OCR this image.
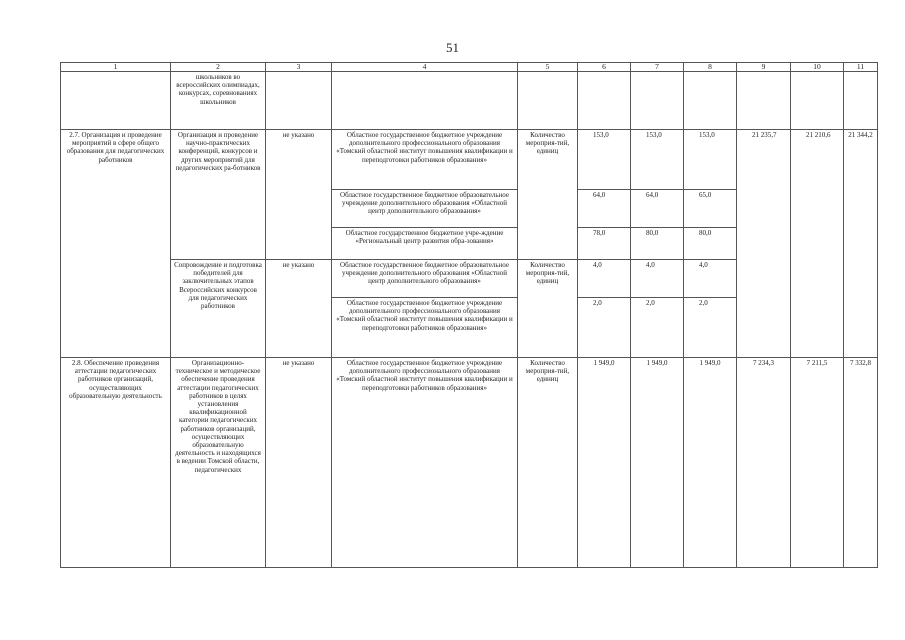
51
1	2	3	4	5	6	7	8	9	10	11
	школьников во всероссийских олимпиадах, конкурсах, соревнованиях школьников									
2.7. Организация и проведение мероприятий в сфере общего образования для педагогических работников	Организация и проведение научно-практических конференций, конкурсов и других мероприятий для педагогических ра-ботников	не указано	Областное государственное бюджетное учреждение дополнительного профессионального образования «Томский областной институт повышения квалификации и переподготовки работников образования»	Количество мероприя-тий, единиц	153,0	153,0	153,0	21 235,7	21 210,6	21 344,2
			Областное государственное бюджетное образовательное учреждение дополнительного образования «Областной центр дополнительного образования»		64,0	64,0	65,0			
			Областное государственное бюджетное учре-ждение «Региональный центр развития обра-зования»		78,0	80,0	80,0			
	Сопровождение и подготовка победителей для заключительных этапов Всероссийских конкурсов для педагогических работников	не указано	Областное государственное бюджетное образовательное учреждение дополнительного образования «Областной центр дополнительного образования»	Количество мероприя-тий, единиц	4,0	4,0	4,0			
			Областное государственное бюджетное учреждение дополнительного профессионального образования «Томский областной институт повышения квалификации и переподготовки работников образования»		2,0	2,0	2,0			
2.8. Обеспечение проведения аттестации педагогических работников организаций, осуществляющих образовательную деятельность	Организационно-техническое и методическое обеспечение проведения аттестации педагогических работников в целях установления квалификационной категории педагогических работников организаций, осуществляющих образовательную деятельность и находящихся в ведении Томской области, педагогических	не указано	Областное государственное бюджетное учреждение дополнительного профессионального образования «Томский областной институт повышения квалификации и переподготовки работников образования»	Количество мероприя-тий, единиц	1 949,0	1 949,0	1 949,0	7 234,3	7 211,5	7 332,8
